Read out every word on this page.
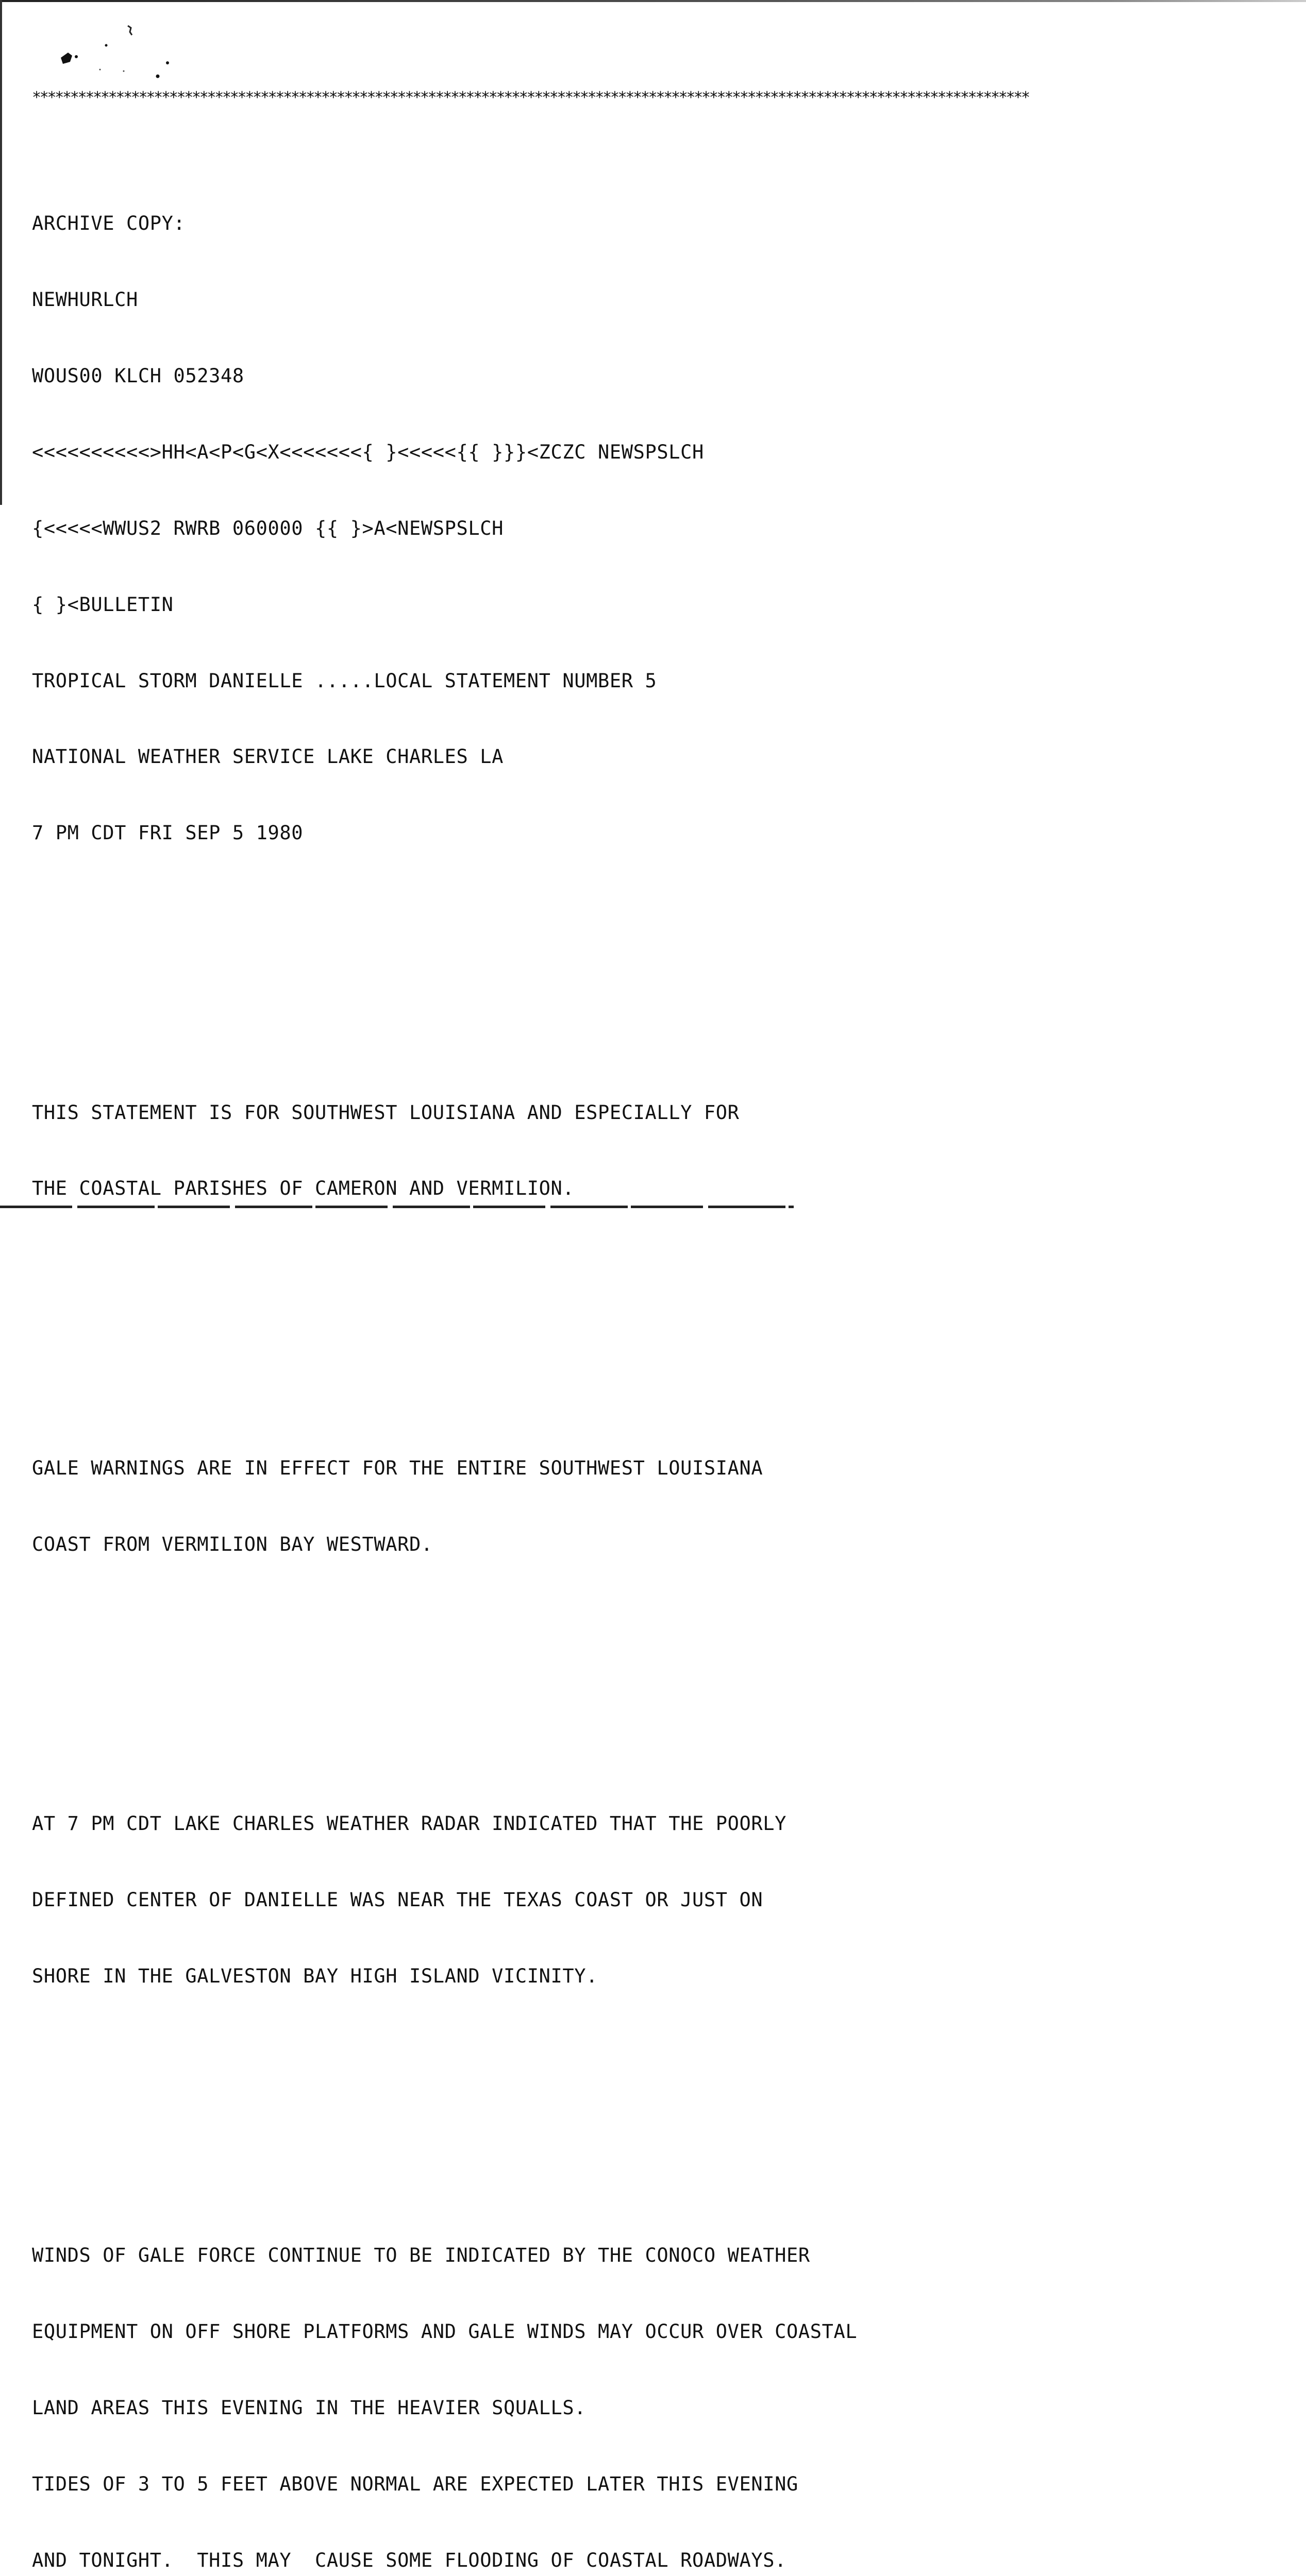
***********************************************************************************************************************************

ARCHIVE COPY:

NEWHURLCH

WOUS00 KLCH 052348

<<<<<<<<<<>HH<A<P<G<X<<<<<<<{ }<<<<<{{ }}}<ZCZC NEWSPSLCH

{<<<<<WWUS2 RWRB 060000 {{ }>A<NEWSPSLCH

{ }<BULLETIN

TROPICAL STORM DANIELLE .....LOCAL STATEMENT NUMBER 5

NATIONAL WEATHER SERVICE LAKE CHARLES LA

7 PM CDT FRI SEP 5 1980

THIS STATEMENT IS FOR SOUTHWEST LOUISIANA AND ESPECIALLY FOR

THE COASTAL PARISHES OF CAMERON AND VERMILION.

GALE WARNINGS ARE IN EFFECT FOR THE ENTIRE SOUTHWEST LOUISIANA

COAST FROM VERMILION BAY WESTWARD.

AT 7 PM CDT LAKE CHARLES WEATHER RADAR INDICATED THAT THE POORLY

DEFINED CENTER OF DANIELLE WAS NEAR THE TEXAS COAST OR JUST ON

SHORE IN THE GALVESTON BAY HIGH ISLAND VICINITY.

WINDS OF GALE FORCE CONTINUE TO BE INDICATED BY THE CONOCO WEATHER

EQUIPMENT ON OFF SHORE PLATFORMS AND GALE WINDS MAY OCCUR OVER COASTAL

LAND AREAS THIS EVENING IN THE HEAVIER SQUALLS.

TIDES OF 3 TO 5 FEET ABOVE NORMAL ARE EXPECTED LATER THIS EVENING

AND TONIGHT.  THIS MAY  CAUSE SOME FLOODING OF COASTAL ROADWAYS.
